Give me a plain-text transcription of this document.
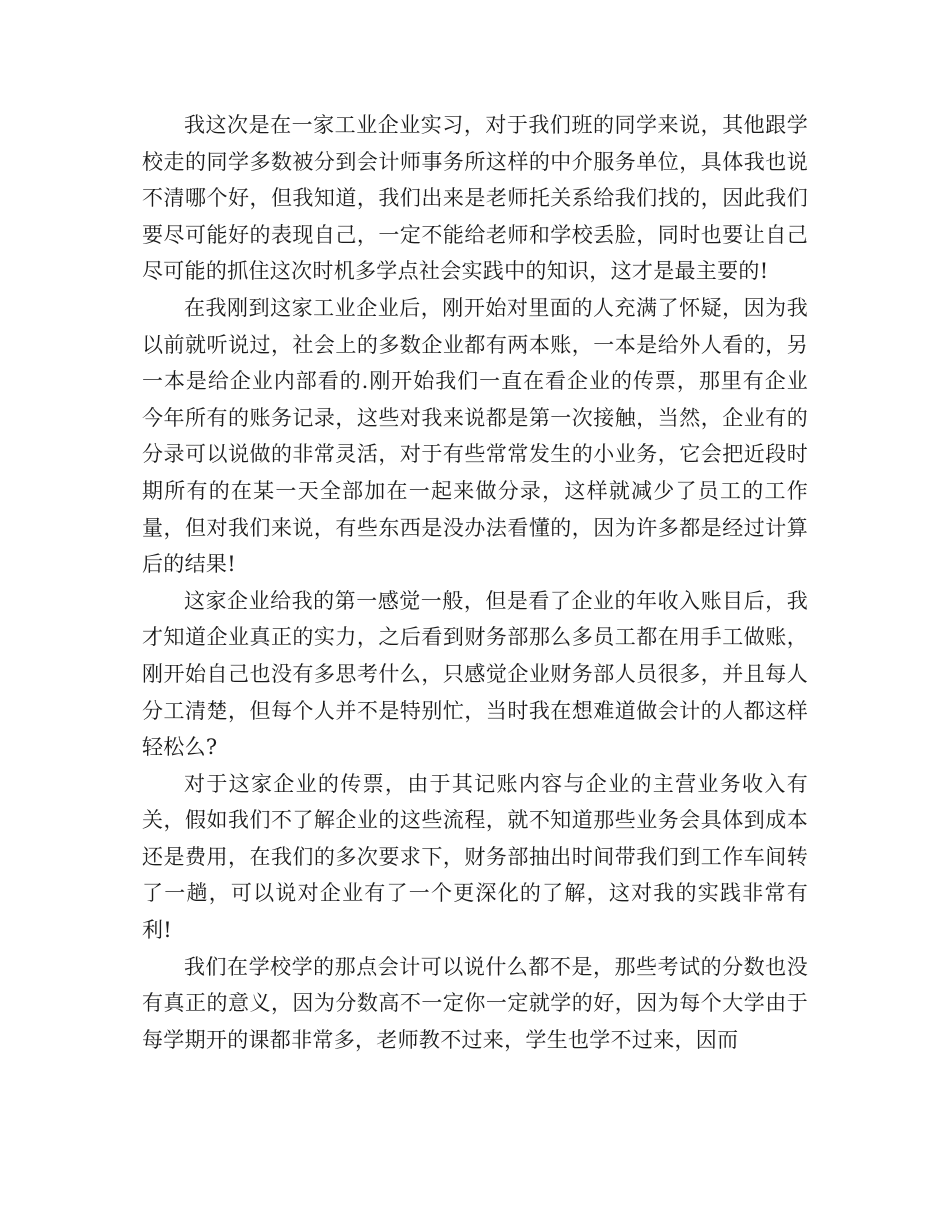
我这次是在一家工业企业实习，对于我们班的同学来说，其他跟学校走的同学多数被分到会计师事务所这样的中介服务单位，具体我也说不清哪个好，但我知道，我们出来是老师托关系给我们找的，因此我们要尽可能好的表现自己，一定不能给老师和学校丢脸，同时也要让自己尽可能的抓住这次时机多学点社会实践中的知识，这才是最主要的!

在我刚到这家工业企业后，刚开始对里面的人充满了怀疑，因为我以前就听说过，社会上的多数企业都有两本账，一本是给外人看的，另一本是给企业内部看的.刚开始我们一直在看企业的传票，那里有企业今年所有的账务记录，这些对我来说都是第一次接触，当然，企业有的分录可以说做的非常灵活，对于有些常常发生的小业务，它会把近段时期所有的在某一天全部加在一起来做分录，这样就减少了员工的工作量，但对我们来说，有些东西是没办法看懂的，因为许多都是经过计算后的结果!

这家企业给我的第一感觉一般，但是看了企业的年收入账目后，我才知道企业真正的实力，之后看到财务部那么多员工都在用手工做账，刚开始自己也没有多思考什么，只感觉企业财务部人员很多，并且每人分工清楚，但每个人并不是特别忙，当时我在想难道做会计的人都这样轻松么?

对于这家企业的传票，由于其记账内容与企业的主营业务收入有关，假如我们不了解企业的这些流程，就不知道那些业务会具体到成本还是费用，在我们的多次要求下，财务部抽出时间带我们到工作车间转了一趟，可以说对企业有了一个更深化的了解，这对我的实践非常有利!

我们在学校学的那点会计可以说什么都不是，那些考试的分数也没有真正的意义，因为分数高不一定你一定就学的好，因为每个大学由于每学期开的课都非常多，老师教不过来，学生也学不过来，因而
